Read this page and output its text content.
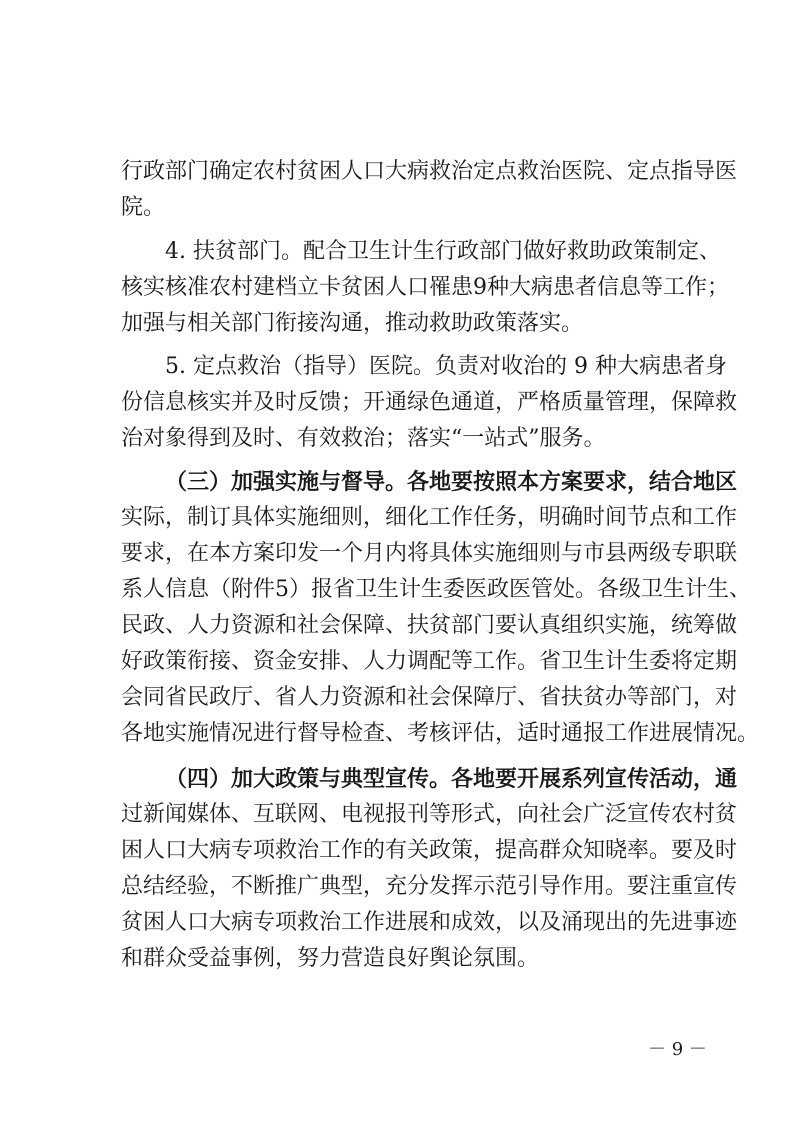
行政部门确定农村贫困人口大病救治定点救治医院、定点指导医
院。
4. 扶贫部门。配合卫生计生行政部门做好救助政策制定、
核实核准农村建档立卡贫困人口罹患9种大病患者信息等工作；
加强与相关部门衔接沟通，推动救助政策落实。
5. 定点救治（指导）医院。负责对收治的 9 种大病患者身
份信息核实并及时反馈；开通绿色通道，严格质量管理，保障救
治对象得到及时、有效救治；落实“一站式”服务。
（三）加强实施与督导。各地要按照本方案要求，结合地区
实际，制订具体实施细则，细化工作任务，明确时间节点和工作
要求，在本方案印发一个月内将具体实施细则与市县两级专职联
系人信息（附件5）报省卫生计生委医政医管处。各级卫生计生、
民政、人力资源和社会保障、扶贫部门要认真组织实施，统筹做
好政策衔接、资金安排、人力调配等工作。省卫生计生委将定期
会同省民政厅、省人力资源和社会保障厅、省扶贫办等部门，对
各地实施情况进行督导检查、考核评估，适时通报工作进展情况。
（四）加大政策与典型宣传。各地要开展系列宣传活动，通
过新闻媒体、互联网、电视报刊等形式，向社会广泛宣传农村贫
困人口大病专项救治工作的有关政策，提高群众知晓率。要及时
总结经验，不断推广典型，充分发挥示范引导作用。要注重宣传
贫困人口大病专项救治工作进展和成效，以及涌现出的先进事迹
和群众受益事例，努力营造良好舆论氛围。
－ 9 －
